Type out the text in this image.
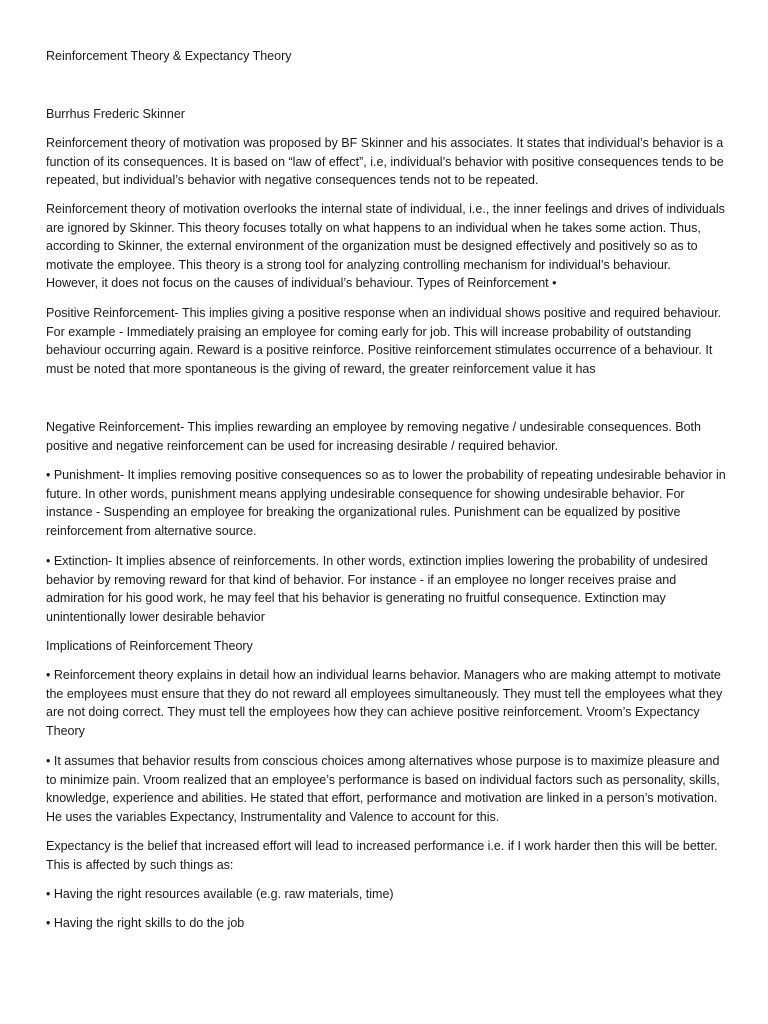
Reinforcement Theory & Expectancy Theory

Burrhus Frederic Skinner

Reinforcement theory of motivation was proposed by BF Skinner and his associates. It states that individual’s behavior is a function of its consequences. It is based on “law of effect”, i.e, individual’s behavior with positive consequences tends to be repeated, but individual’s behavior with negative consequences tends not to be repeated.

Reinforcement theory of motivation overlooks the internal state of individual, i.e., the inner feelings and drives of individuals are ignored by Skinner. This theory focuses totally on what happens to an individual when he takes some action. Thus, according to Skinner, the external environment of the organization must be designed effectively and positively so as to motivate the employee. This theory is a strong tool for analyzing controlling mechanism for individual’s behaviour. However, it does not focus on the causes of individual’s behaviour. Types of Reinforcement •

Positive Reinforcement- This implies giving a positive response when an individual shows positive and required behaviour. For example - Immediately praising an employee for coming early for job. This will increase probability of outstanding behaviour occurring again. Reward is a positive reinforce. Positive reinforcement stimulates occurrence of a behaviour. It must be noted that more spontaneous is the giving of reward, the greater reinforcement value it has

Negative Reinforcement- This implies rewarding an employee by removing negative / undesirable consequences. Both positive and negative reinforcement can be used for increasing desirable / required behavior.

• Punishment- It implies removing positive consequences so as to lower the probability of repeating undesirable behavior in future. In other words, punishment means applying undesirable consequence for showing undesirable behavior. For instance - Suspending an employee for breaking the organizational rules. Punishment can be equalized by positive reinforcement from alternative source.

• Extinction- It implies absence of reinforcements. In other words, extinction implies lowering the probability of undesired behavior by removing reward for that kind of behavior. For instance - if an employee no longer receives praise and admiration for his good work, he may feel that his behavior is generating no fruitful consequence. Extinction may unintentionally lower desirable behavior

Implications of Reinforcement Theory

• Reinforcement theory explains in detail how an individual learns behavior. Managers who are making attempt to motivate the employees must ensure that they do not reward all employees simultaneously. They must tell the employees what they are not doing correct. They must tell the employees how they can achieve positive reinforcement. Vroom’s Expectancy Theory

• It assumes that behavior results from conscious choices among alternatives whose purpose is to maximize pleasure and to minimize pain. Vroom realized that an employee’s performance is based on individual factors such as personality, skills, knowledge, experience and abilities. He stated that effort, performance and motivation are linked in a person’s motivation. He uses the variables Expectancy, Instrumentality and Valence to account for this.

Expectancy is the belief that increased effort will lead to increased performance i.e. if I work harder then this will be better. This is affected by such things as:

• Having the right resources available (e.g. raw materials, time)

• Having the right skills to do the job
